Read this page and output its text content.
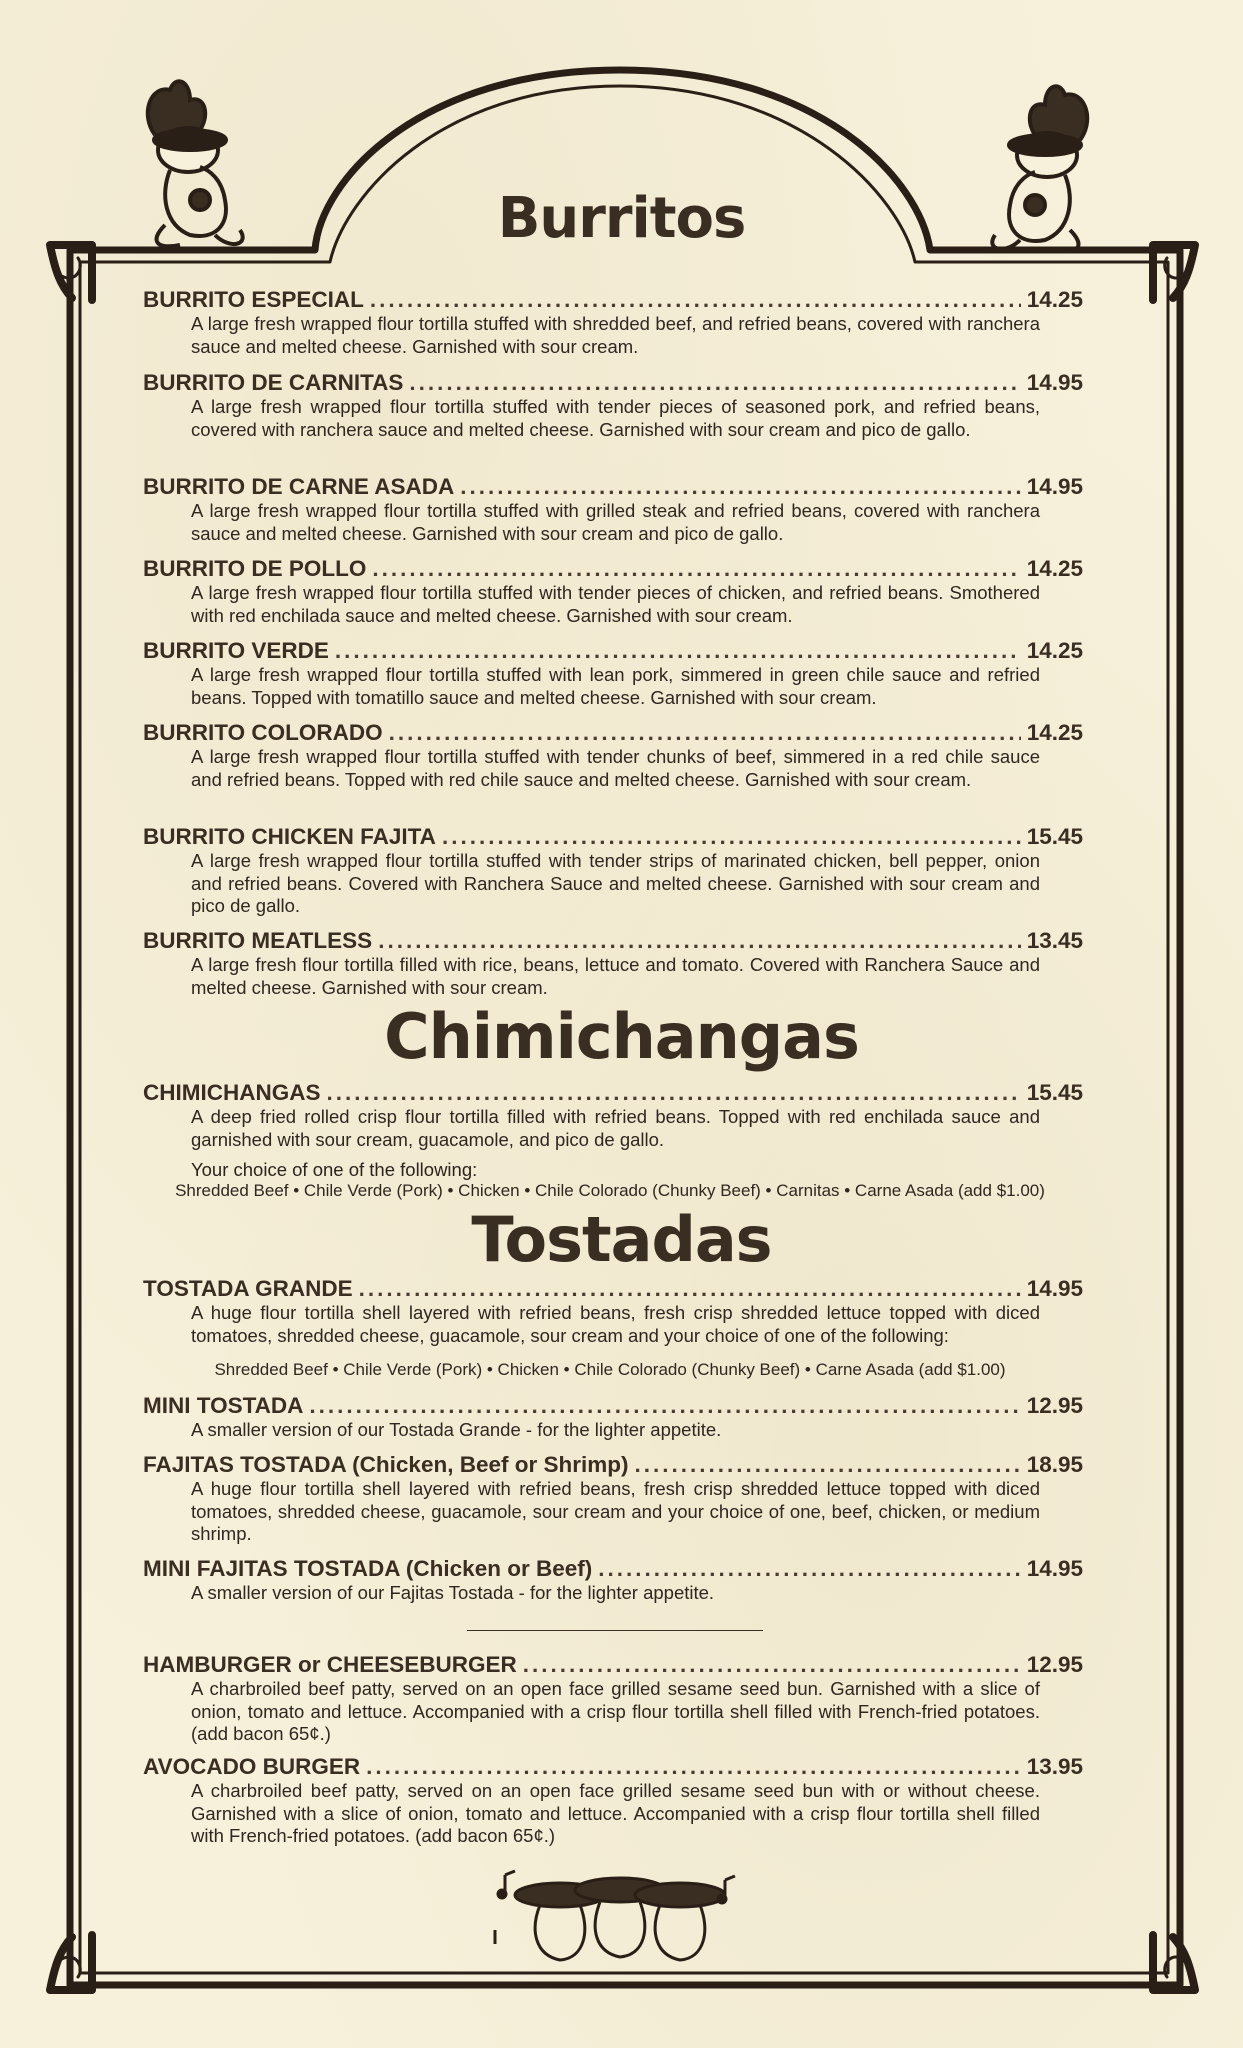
Burritos
Chimichangas
Tostadas
BURRITO ESPECIAL .....	14.25
A large fresh wrapped flour tortilla stuffed with shredded beef, and refried beans, covered with ranchera sauce and melted cheese. Garnished with sour cream.
BURRITO DE CARNITAS .....	14.95
A large fresh wrapped flour tortilla stuffed with tender pieces of seasoned pork, and refried beans, covered with ranchera sauce and melted cheese. Garnished with sour cream and pico de gallo.
BURRITO DE CARNE ASADA .....	14.95
A large fresh wrapped flour tortilla stuffed with grilled steak and refried beans, covered with ranchera sauce and melted cheese. Garnished with sour cream and pico de gallo.
BURRITO DE POLLO .....	14.25
A large fresh wrapped flour tortilla stuffed with tender pieces of chicken, and refried beans. Smothered with red enchilada sauce and melted cheese. Garnished with sour cream.
BURRITO VERDE .....	14.25
A large fresh wrapped flour tortilla stuffed with lean pork, simmered in green chile sauce and refried beans. Topped with tomatillo sauce and melted cheese. Garnished with sour cream.
BURRITO COLORADO .....	14.25
A large fresh wrapped flour tortilla stuffed with tender chunks of beef, simmered in a red chile sauce and refried beans. Topped with red chile sauce and melted cheese. Garnished with sour cream.
BURRITO CHICKEN FAJITA .....	15.45
A large fresh wrapped flour tortilla stuffed with tender strips of marinated chicken, bell pepper, onion and refried beans. Covered with Ranchera Sauce and melted cheese. Garnished with sour cream and pico de gallo.
BURRITO MEATLESS .....	13.45
A large fresh flour tortilla filled with rice, beans, lettuce and tomato. Covered with Ranchera Sauce and melted cheese. Garnished with sour cream.
CHIMICHANGAS .....	15.45
A deep fried rolled crisp flour tortilla filled with refried beans. Topped with red enchilada sauce and garnished with sour cream, guacamole, and pico de gallo.
Your choice of one of the following:
Shredded Beef • Chile Verde (Pork) • Chicken • Chile Colorado (Chunky Beef) • Carnitas • Carne Asada (add $1.00)
TOSTADA GRANDE .....	14.95
A huge flour tortilla shell layered with refried beans, fresh crisp shredded lettuce topped with diced tomatoes, shredded cheese, guacamole, sour cream and your choice of one of the following:
Shredded Beef • Chile Verde (Pork) • Chicken • Chile Colorado (Chunky Beef) • Carne Asada (add $1.00)
MINI TOSTADA .....	12.95
A smaller version of our Tostada Grande - for the lighter appetite.
FAJITAS TOSTADA (Chicken, Beef or Shrimp) .....	18.95
A huge flour tortilla shell layered with refried beans, fresh crisp shredded lettuce topped with diced tomatoes, shredded cheese, guacamole, sour cream and your choice of one, beef, chicken, or medium shrimp.
MINI FAJITAS TOSTADA (Chicken or Beef) .....	14.95
A smaller version of our Fajitas Tostada - for the lighter appetite.
HAMBURGER or CHEESEBURGER .....	12.95
A charbroiled beef patty, served on an open face grilled sesame seed bun. Garnished with a slice of onion, tomato and lettuce. Accompanied with a crisp flour tortilla shell filled with French-fried potatoes. (add bacon 65¢.)
AVOCADO BURGER .....	13.95
A charbroiled beef patty, served on an open face grilled sesame seed bun with or without cheese. Garnished with a slice of onion, tomato and lettuce. Accompanied with a crisp flour tortilla shell filled with French-fried potatoes. (add bacon 65¢.)
